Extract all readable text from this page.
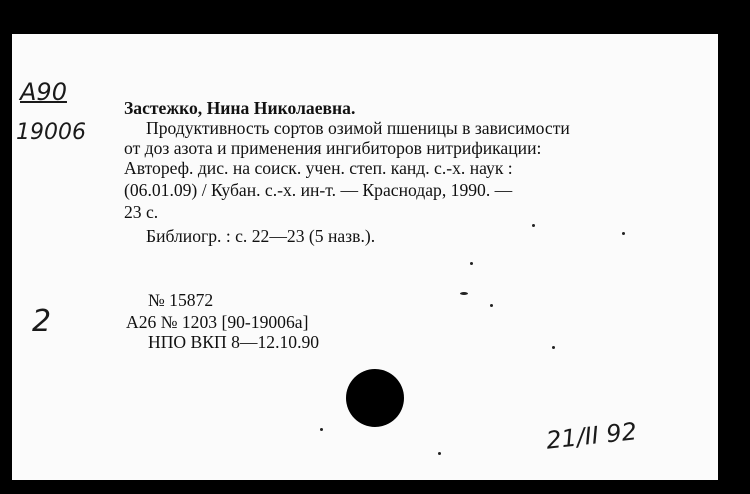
A90
19006
2
Застежко, Нина Николаевна.
Продуктивность сортов озимой пшеницы в зависимости
от доз азота и применения ингибиторов нитрификации:
Автореф. дис. на соиск. учен. степ. канд. с.-х. наук :
(06.01.09) / Кубан. с.-х. ин-т. — Краснодар, 1990. —
23 с.
Библиогр. : с. 22—23 (5 назв.).
№ 15872
А26 № 1203 [90-19006а]
НПО ВКП 8—12.10.90
21/II 92
